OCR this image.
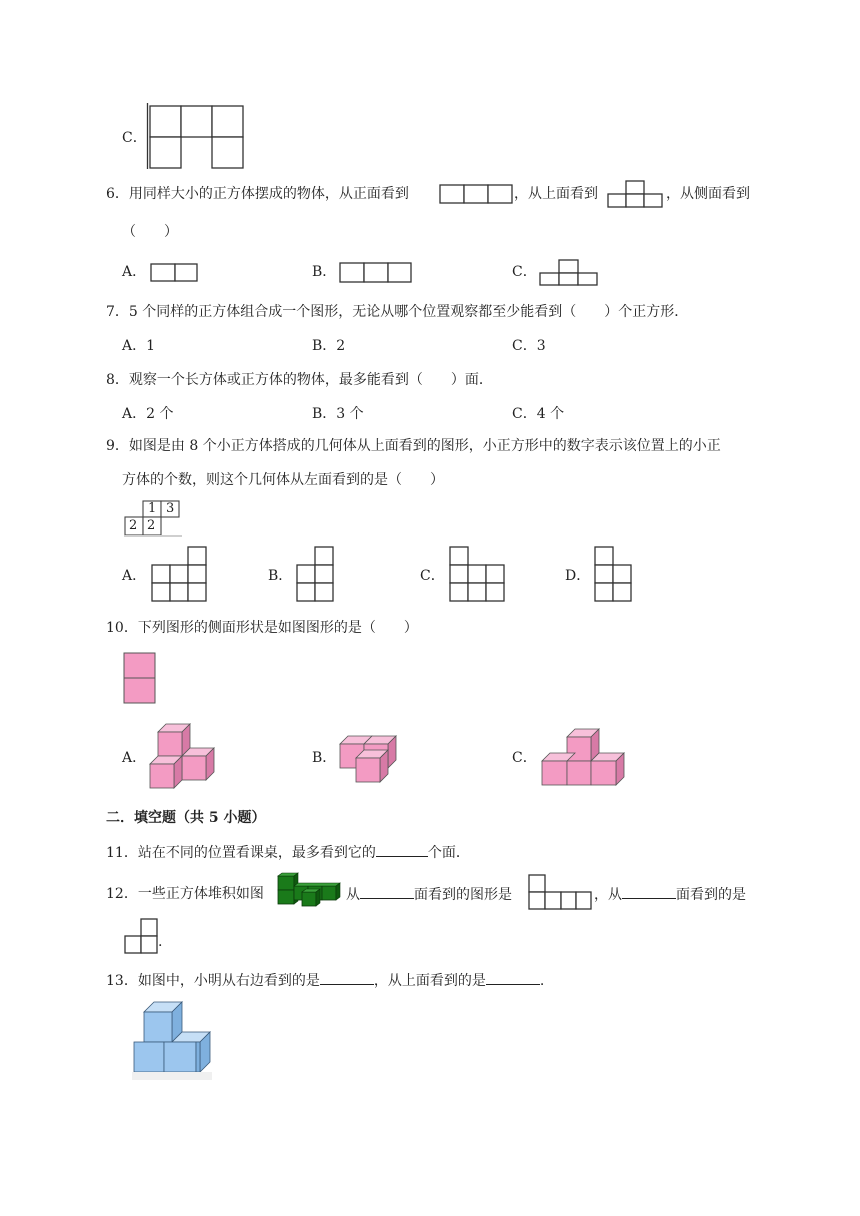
C．
6．用同样大小的正方体摆成的物体，从正面看到	，从上面看到	，从侧面看到
（　　）
A．	B．	C．
7．5 个同样的正方体组合成一个图形，无论从哪个位置观察都至少能看到（　　）个正方形．
A．1	B．2	C．3
8．观察一个长方体或正方体的物体，最多能看到（　　）面．
A．2 个	B．3 个	C．4 个
9．如图是由 8 个小正方体搭成的几何体从上面看到的图形，小正方形中的数字表示该位置上的小正
方体的个数，则这个几何体从左面看到的是（　　）
2 2
1 3
A．	B．	C．	D．
10．下列图形的侧面形状是如图图形的是（　　）
A．	B．	C．
二．填空题（共 5 小题）
11．站在不同的位置看课桌，最多看到它的	个面．
12．一些正方体堆积如图	从	面看到的图形是	，从	面看到的是
.
13．如图中，小明从右边看到的是	，从上面看到的是	.
